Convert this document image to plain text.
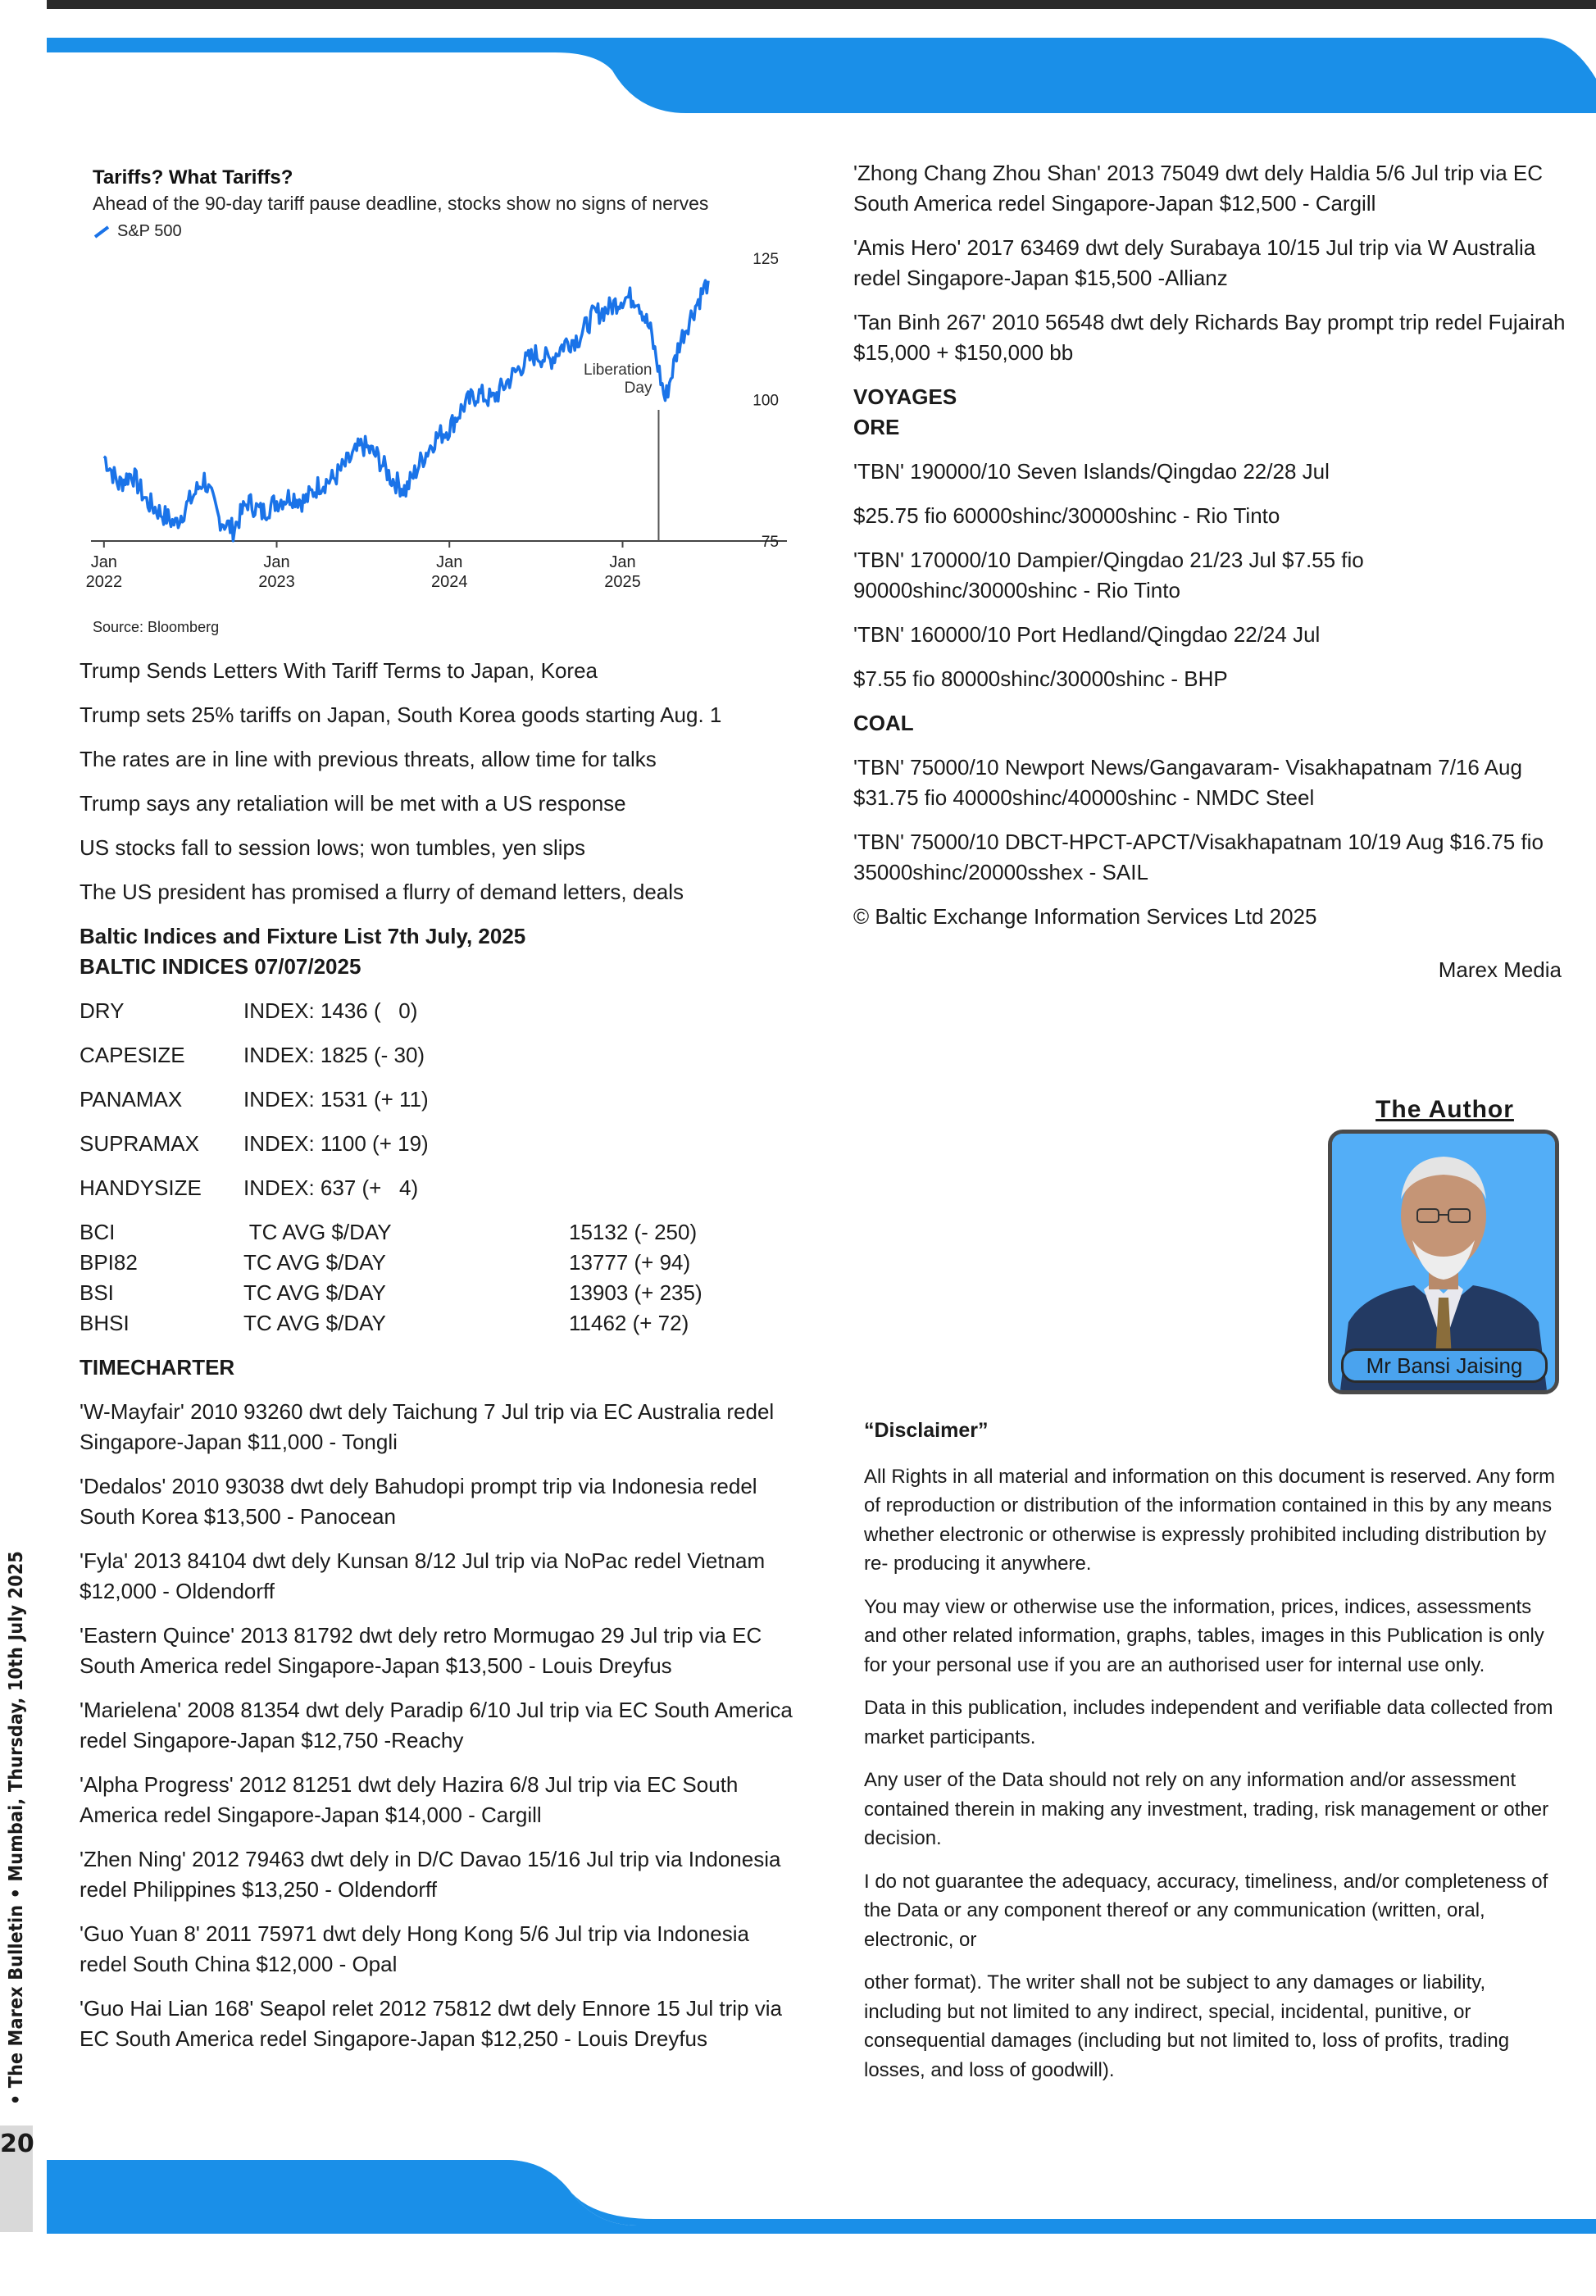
• The Marex Bulletin • Mumbai, Thursday, 10th July 2025
20
125
100
75
Jan
2022
Jan
2023
Jan
2024
Jan
2025
Liberation
Day
Tariffs? What Tariffs?
Ahead of the 90-day tariff pause deadline, stocks show no signs of nerves
S&P 500
Source: Bloomberg

Trump Sends Letters With Tariff Terms to Japan, Korea

Trump sets 25% tariffs on Japan, South Korea goods starting Aug. 1

The rates are in line with previous threats, allow time for talks

Trump says any retaliation will be met with a US response

US stocks fall to session lows; won tumbles, yen slips

The US president has promised a flurry of demand letters, deals

Baltic Indices and Fixture List 7th July, 2025

BALTIC INDICES 07/07/2025

DRY	INDEX: 1436 (   0)
CAPESIZE	INDEX: 1825 (- 30)
PANAMAX	INDEX: 1531 (+ 11)
SUPRAMAX	INDEX: 1100 (+ 19)
HANDYSIZE	INDEX: 637 (+   4)
BCI	TC AVG $/DAY	15132 (- 250)
BPI82	TC AVG $/DAY	13777 (+ 94)
BSI	TC AVG $/DAY	13903 (+ 235)
BHSI	TC AVG $/DAY	11462 (+ 72)

TIMECHARTER

'W-Mayfair' 2010 93260 dwt dely Taichung 7 Jul trip via EC Australia redel Singapore-Japan $11,000 - Tongli

'Dedalos' 2010 93038 dwt dely Bahudopi prompt trip via Indonesia redel South Korea $13,500 - Panocean

'Fyla' 2013 84104 dwt dely Kunsan 8/12 Jul trip via NoPac redel Vietnam $12,000 - Oldendorff

'Eastern Quince' 2013 81792 dwt dely retro Mormugao 29 Jul trip via EC South America redel Singapore-Japan $13,500 - Louis Dreyfus

'Marielena' 2008 81354 dwt dely Paradip 6/10 Jul trip via EC South America redel Singapore-Japan $12,750 -Reachy

'Alpha Progress' 2012 81251 dwt dely Hazira 6/8 Jul trip via EC South America redel Singapore-Japan $14,000 - Cargill

'Zhen Ning' 2012 79463 dwt dely in D/C Davao 15/16 Jul trip via Indonesia redel Philippines $13,250 - Oldendorff

'Guo Yuan 8' 2011 75971 dwt dely Hong Kong 5/6 Jul trip via Indonesia redel South China $12,000 - Opal

'Guo Hai Lian 168' Seapol relet 2012 75812 dwt dely Ennore 15 Jul trip via EC South America redel Singapore-Japan $12,250 - Louis Dreyfus

'Zhong Chang Zhou Shan' 2013 75049 dwt dely Haldia 5/6 Jul trip via EC South America redel Singapore-Japan $12,500 - Cargill

'Amis Hero' 2017 63469 dwt dely Surabaya 10/15 Jul trip via W Australia redel Singapore-Japan $15,500 -Allianz

'Tan Binh 267' 2010 56548 dwt dely Richards Bay prompt trip redel Fujairah $15,000 + $150,000 bb

VOYAGES

ORE

'TBN' 190000/10 Seven Islands/Qingdao 22/28 Jul

$25.75 fio 60000shinc/30000shinc - Rio Tinto

'TBN' 170000/10 Dampier/Qingdao 21/23 Jul $7.55 fio 90000shinc/30000shinc - Rio Tinto

'TBN' 160000/10 Port Hedland/Qingdao 22/24 Jul

$7.55 fio 80000shinc/30000shinc - BHP

COAL

'TBN' 75000/10 Newport News/Gangavaram- Visakhapatnam 7/16 Aug $31.75 fio 40000shinc/40000shinc - NMDC Steel

'TBN' 75000/10 DBCT-HPCT-APCT/Visakhapatnam 10/19 Aug $16.75 fio 35000shinc/20000sshex - SAIL

© Baltic Exchange Information Services Ltd 2025

Marex Media
The Author
Mr Bansi Jaising

“Disclaimer”

All Rights in all material and information on this document is reserved. Any form of reproduction or distribution of the information contained in this by any means whether electronic or otherwise is expressly prohibited including distribution by re- producing it anywhere.

You may view or otherwise use the information, prices, indices, assessments and other related information, graphs, tables, images in this Publication is only for your personal use if you are an authorised user for internal use only.

Data in this publication, includes independent and verifiable data collected from market participants.

Any user of the Data should not rely on any information and/or assessment contained therein in making any investment, trading, risk management or other decision.

I do not guarantee the adequacy, accuracy, timeliness, and/or completeness of the Data or any component thereof or any communication (written, oral, electronic, or

other format). The writer shall not be subject to any damages or liability, including but not limited to any indirect, special, incidental, punitive, or consequential damages (including but not limited to, loss of profits, trading losses, and loss of goodwill).
